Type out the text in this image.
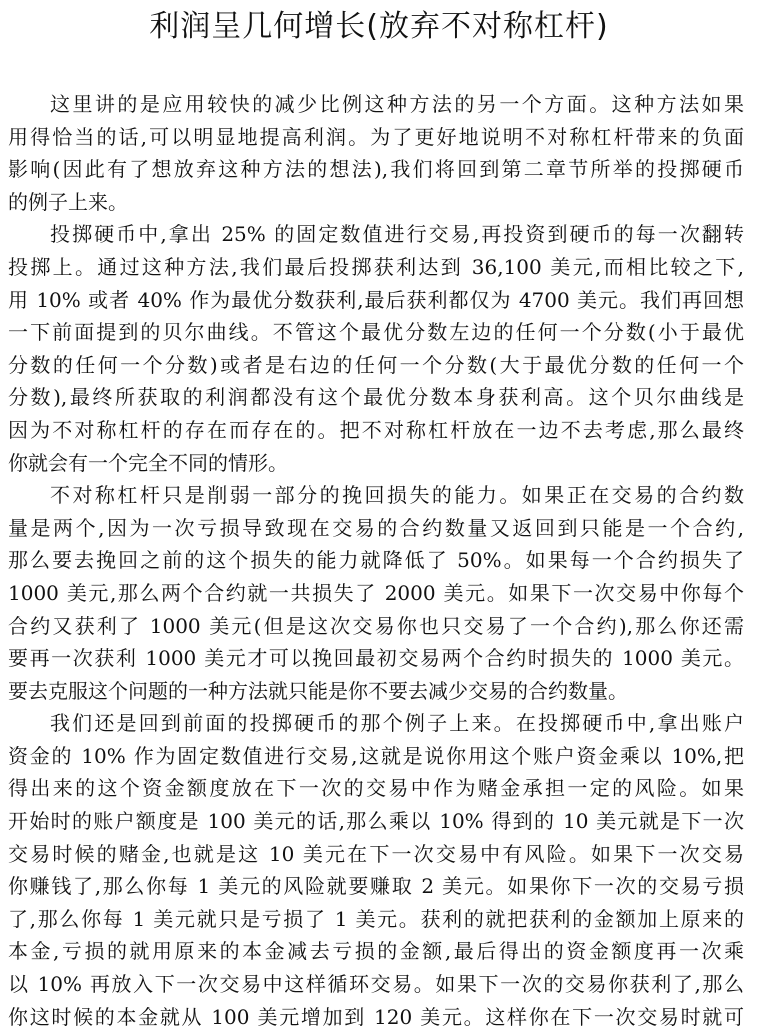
利润呈几何增长(放弃不对称杠杆)
这里讲的是应用较快的减少比例这种方法的另一个方面。这种方法如果
用得恰当的话,可以明显地提高利润。为了更好地说明不对称杠杆带来的负面
影响(因此有了想放弃这种方法的想法),我们将回到第二章节所举的投掷硬币
的例子上来。
投掷硬币中,拿出 25% 的固定数值进行交易,再投资到硬币的每一次翻转
投掷上。通过这种方法,我们最后投掷获利达到 36,100 美元,而相比较之下,
用 10% 或者 40% 作为最优分数获利,最后获利都仅为 4700 美元。我们再回想
一下前面提到的贝尔曲线。不管这个最优分数左边的任何一个分数(小于最优
分数的任何一个分数)或者是右边的任何一个分数(大于最优分数的任何一个
分数),最终所获取的利润都没有这个最优分数本身获利高。这个贝尔曲线是
因为不对称杠杆的存在而存在的。把不对称杠杆放在一边不去考虑,那么最终
你就会有一个完全不同的情形。
不对称杠杆只是削弱一部分的挽回损失的能力。如果正在交易的合约数
量是两个,因为一次亏损导致现在交易的合约数量又返回到只能是一个合约,
那么要去挽回之前的这个损失的能力就降低了 50%。如果每一个合约损失了
1000 美元,那么两个合约就一共损失了 2000 美元。如果下一次交易中你每个
合约又获利了 1000 美元(但是这次交易你也只交易了一个合约),那么你还需
要再一次获利 1000 美元才可以挽回最初交易两个合约时损失的 1000 美元。
要去克服这个问题的一种方法就只能是你不要去减少交易的合约数量。
我们还是回到前面的投掷硬币的那个例子上来。在投掷硬币中,拿出账户
资金的 10% 作为固定数值进行交易,这就是说你用这个账户资金乘以 10%,把
得出来的这个资金额度放在下一次的交易中作为赌金承担一定的风险。如果
开始时的账户额度是 100 美元的话,那么乘以 10% 得到的 10 美元就是下一次
交易时候的赌金,也就是这 10 美元在下一次交易中有风险。如果下一次交易
你赚钱了,那么你每 1 美元的风险就要赚取 2 美元。如果你下一次的交易亏损
了,那么你每 1 美元就只是亏损了 1 美元。获利的就把获利的金额加上原来的
本金,亏损的就用原来的本金减去亏损的金额,最后得出的资金额度再一次乘
以 10% 再放入下一次交易中这样循环交易。如果下一次的交易你获利了,那么
你这时候的本金就从 100 美元增加到 120 美元。这样你在下一次交易时就可
